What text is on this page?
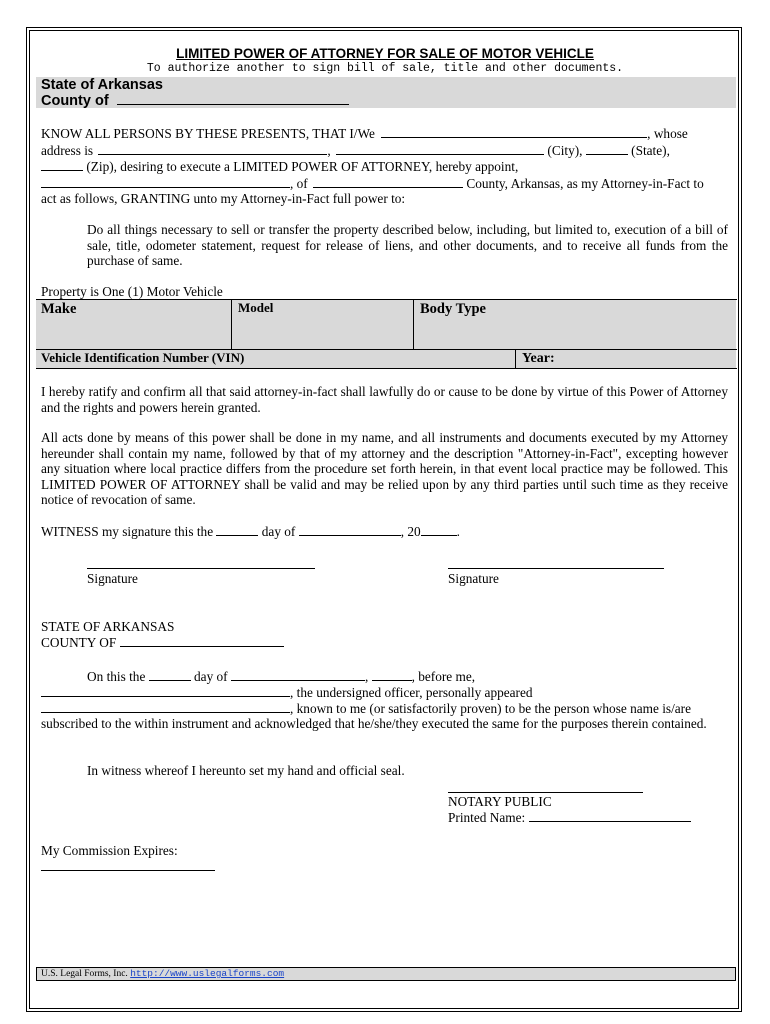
LIMITED POWER OF ATTORNEY FOR SALE OF MOTOR VEHICLE
To authorize another to sign bill of sale, title and other documents.
State of Arkansas
County of
KNOW ALL PERSONS BY THESE PRESENTS, THAT I/We	, whose
address is	,	(City),	(State),
(Zip), desiring to execute a LIMITED POWER OF ATTORNEY, hereby appoint,
, of	County, Arkansas, as my Attorney-in-Fact to
act as follows, GRANTING unto my Attorney-in-Fact full power to:
Do all things necessary to sell or transfer the property described below, including, but limited to, execution of a bill of sale, title, odometer statement, request for release of liens, and other documents, and to receive all funds from the purchase of same.
Property is One (1) Motor Vehicle
Make	Model	Body Type
Vehicle Identification Number (VIN)	Year:
I hereby ratify and confirm all that said attorney-in-fact shall lawfully do or cause to be done by virtue of this Power of Attorney and the rights and powers herein granted.
All acts done by means of this power shall be done in my name, and all instruments and documents executed by my Attorney hereunder shall contain my name, followed by that of my attorney and the description "Attorney-in-Fact", excepting however any situation where local practice differs from the procedure set forth herein, in that event local practice may be followed. This LIMITED POWER OF ATTORNEY shall be valid and may be relied upon by any third parties until such time as they receive notice of revocation of same.
WITNESS my signature this the	day of	, 20	.
Signature	Signature
STATE OF ARKANSAS
COUNTY OF
On this the	day of	,	, before me,
, the undersigned officer, personally appeared
, known to me (or satisfactorily proven) to be the person whose name is/are
subscribed to the within instrument and acknowledged that he/she/they executed the same for the purposes therein contained.
In witness whereof I hereunto set my hand and official seal.
NOTARY PUBLIC
Printed Name:
My Commission Expires:
U.S. Legal Forms, Inc. http://www.uslegalforms.com
